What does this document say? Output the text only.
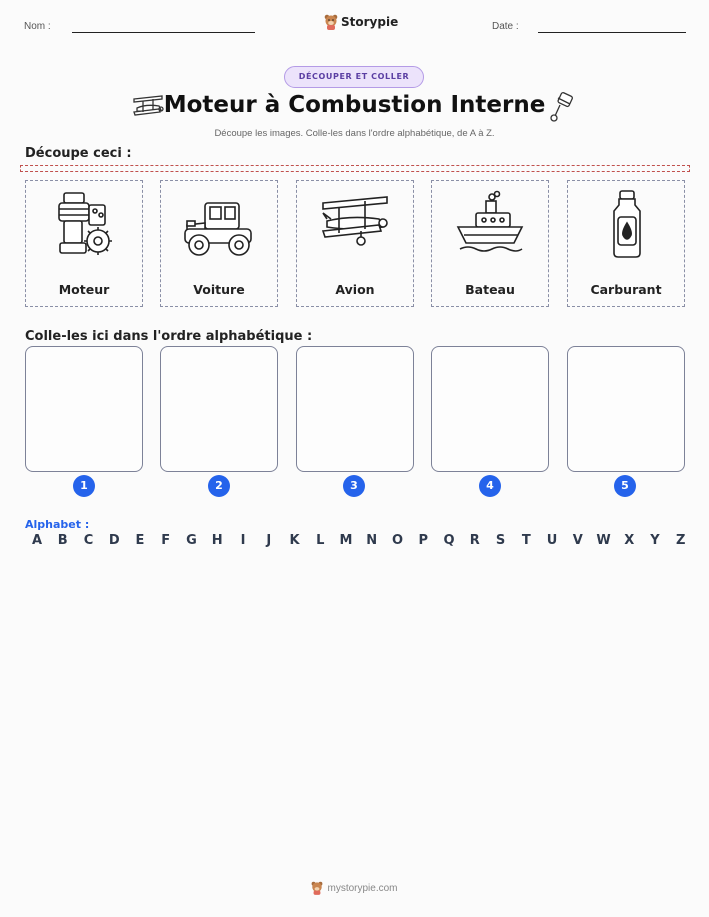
Nom :	Storypie	Date :
DÉCOUPER ET COLLER
Moteur à Combustion Interne
Découpe les images. Colle-les dans l'ordre alphabétique, de A à Z.
Découpe ceci :
Moteur	Voiture	Avion	Bateau	Carburant
Colle-les ici dans l'ordre alphabétique :
1	2	3	4	5
Alphabet :
A B C D E F G H	I	J	K L M N O P Q R S T U V W X Y Z
mystorypie.com
